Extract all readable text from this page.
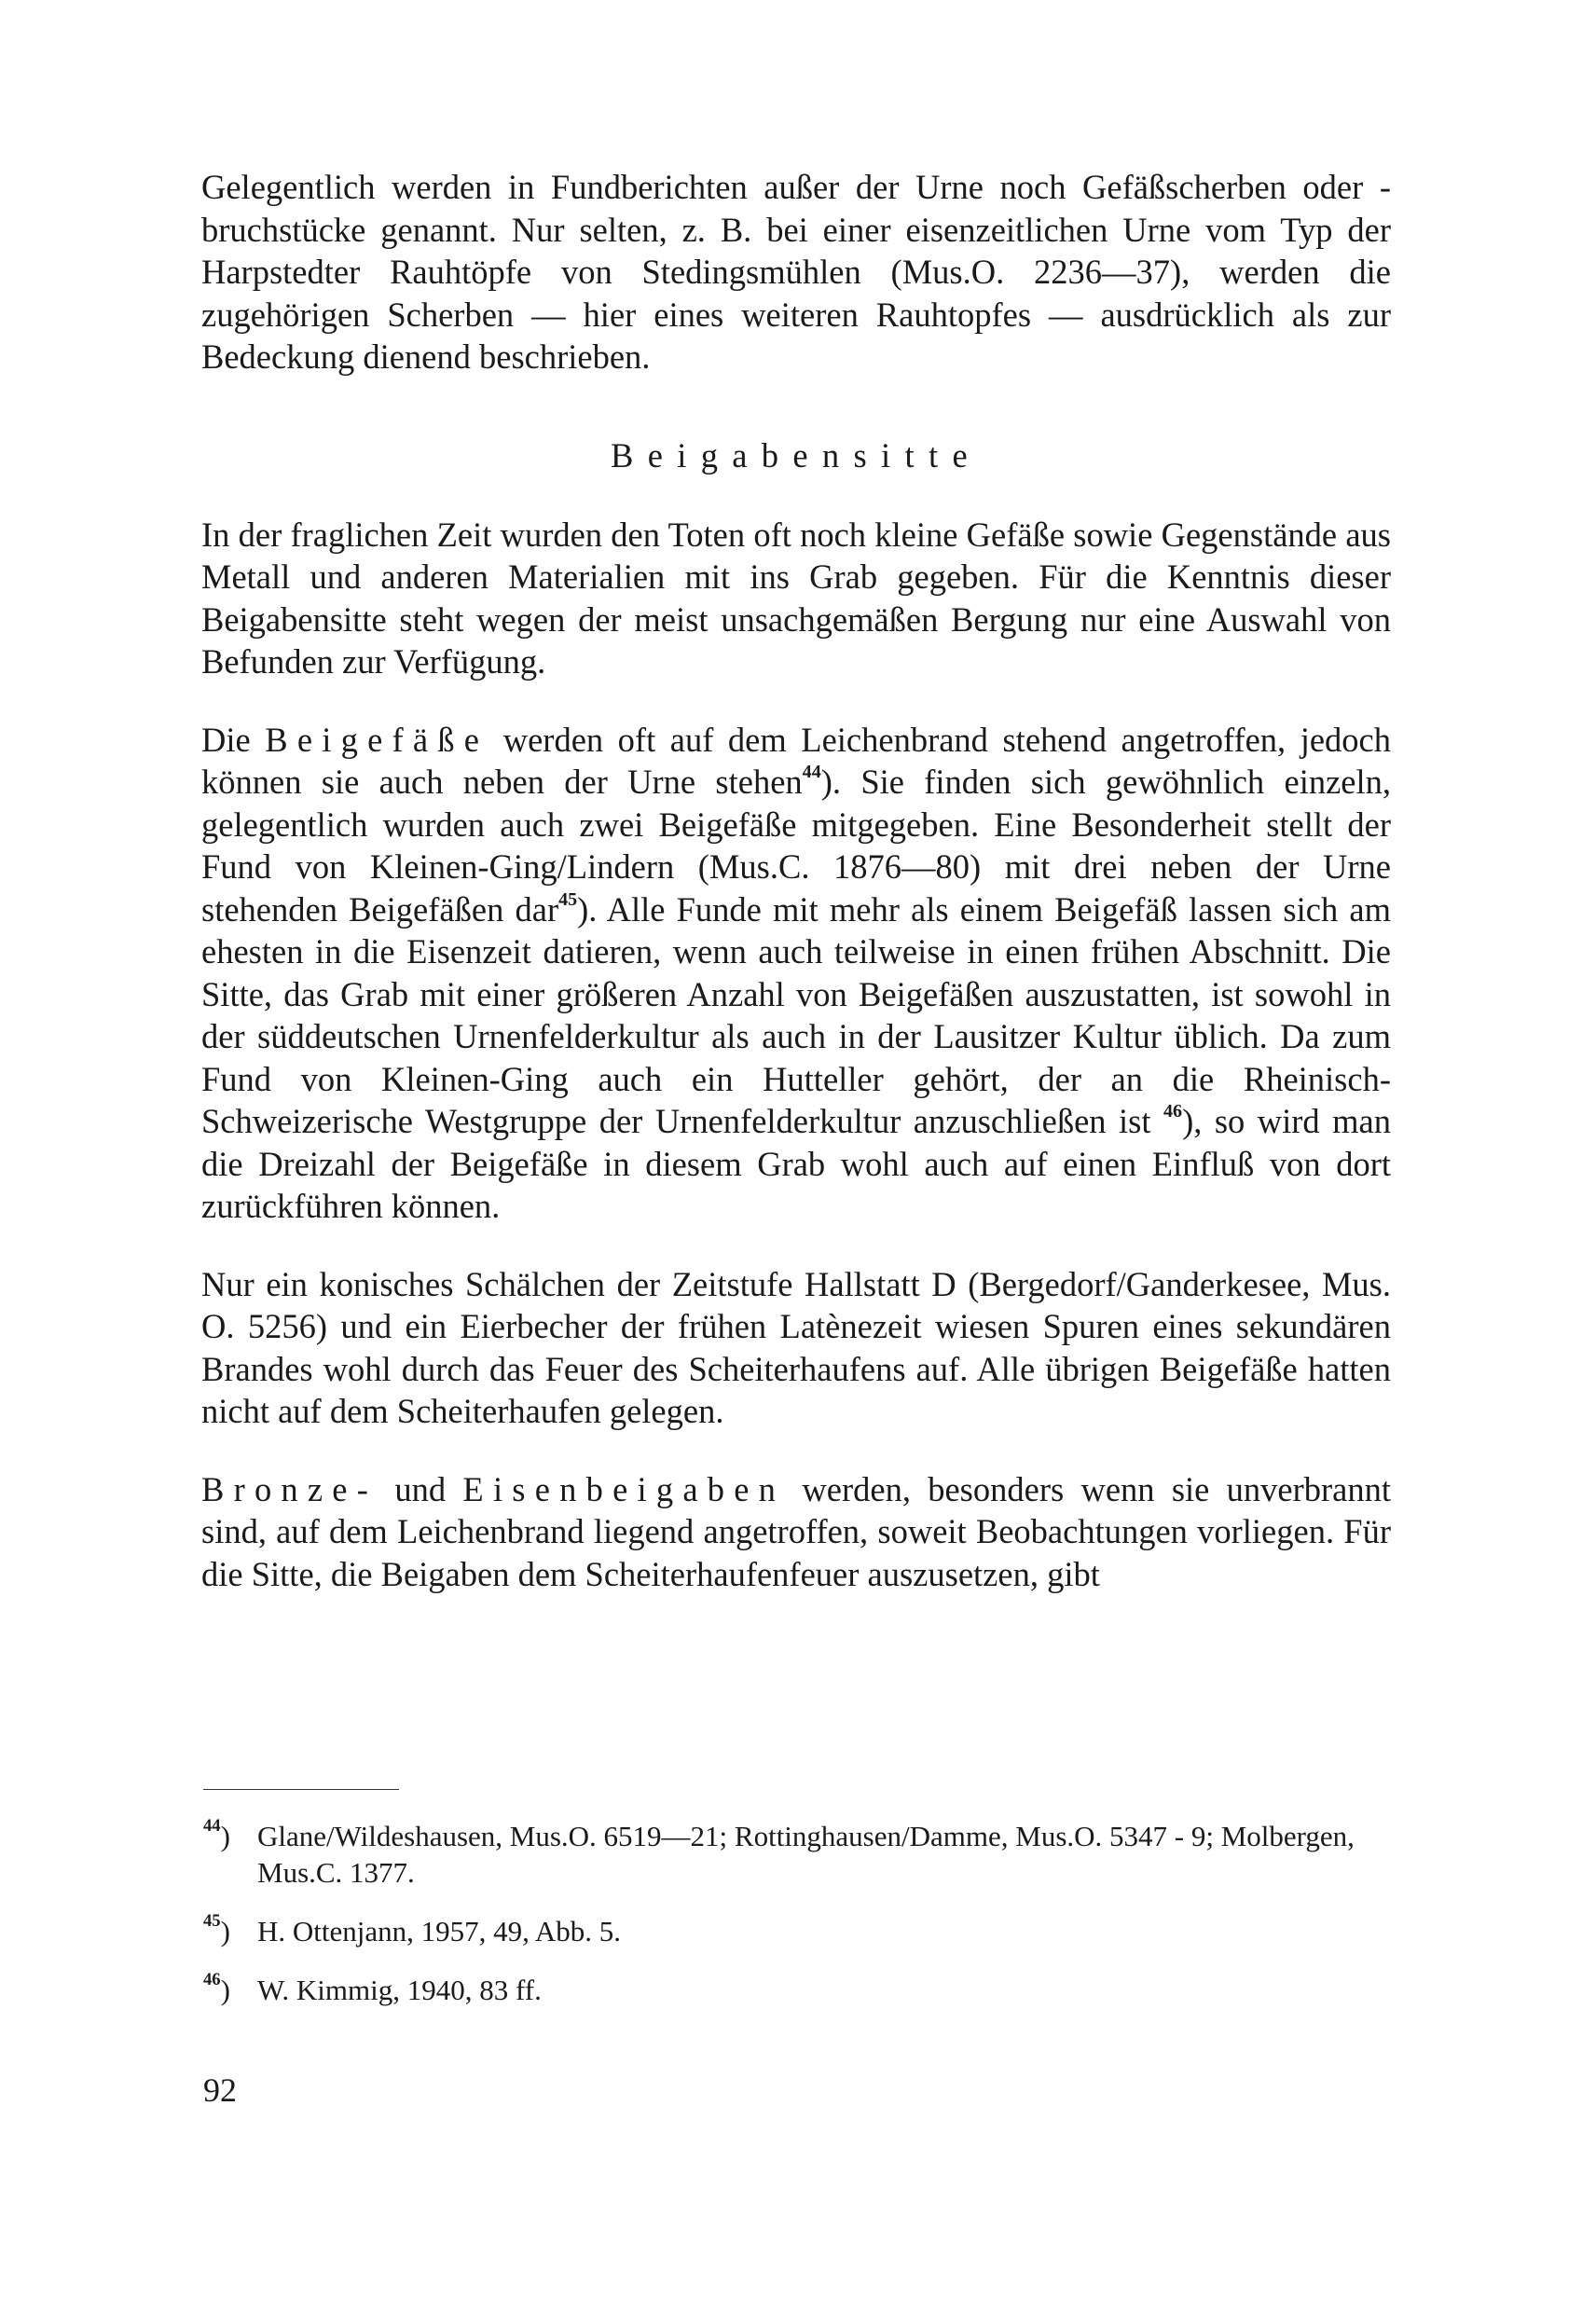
Gelegentlich werden in Fundberichten außer der Urne noch Gefäßscherben oder -bruchstücke genannt. Nur selten, z. B. bei einer eisenzeitlichen Urne vom Typ der Harpstedter Rauhtöpfe von Stedingsmühlen (Mus.O. 2236—37), werden die zugehörigen Scherben — hier eines weiteren Rauhtopfes — ausdrücklich als zur Bedeckung dienend beschrieben.

Beigabensitte

In der fraglichen Zeit wurden den Toten oft noch kleine Gefäße sowie Gegenstände aus Metall und anderen Materialien mit ins Grab gegeben. Für die Kenntnis dieser Beigabensitte steht wegen der meist unsachgemäßen Bergung nur eine Auswahl von Befunden zur Verfügung.

Die Beigefäße werden oft auf dem Leichenbrand stehend angetroffen, jedoch können sie auch neben der Urne stehen$^{44}$). Sie finden sich gewöhnlich einzeln, gelegentlich wurden auch zwei Beigefäße mitgegeben. Eine Besonderheit stellt der Fund von Kleinen-Ging/Lindern (Mus.C. 1876—80) mit drei neben der Urne stehenden Beigefäßen dar$^{45}$). Alle Funde mit mehr als einem Beigefäß lassen sich am ehesten in die Eisenzeit datieren, wenn auch teilweise in einen frühen Abschnitt. Die Sitte, das Grab mit einer größeren Anzahl von Beigefäßen auszustatten, ist sowohl in der süddeutschen Urnenfelderkultur als auch in der Lausitzer Kultur üblich. Da zum Fund von Kleinen-Ging auch ein Hutteller gehört, der an die Rheinisch-Schweizerische Westgruppe der Urnenfelderkultur anzuschließen ist $^{46}$), so wird man die Dreizahl der Beigefäße in diesem Grab wohl auch auf einen Einfluß von dort zurückführen können.

Nur ein konisches Schälchen der Zeitstufe Hallstatt D (Bergedorf/Ganderkesee, Mus. O. 5256) und ein Eierbecher der frühen Latènezeit wiesen Spuren eines sekundären Brandes wohl durch das Feuer des Scheiterhaufens auf. Alle übrigen Beigefäße hatten nicht auf dem Scheiterhaufen gelegen.

Bronze- und Eisenbeigaben werden, besonders wenn sie unverbrannt sind, auf dem Leichenbrand liegend angetroffen, soweit Beobachtungen vorliegen. Für die Sitte, die Beigaben dem Scheiterhaufenfeuer auszusetzen, gibt

$^{44}$) Glane/Wildeshausen, Mus.O. 6519—21; Rottinghausen/Damme, Mus.O. 5347 - 9; Molbergen, Mus.C. 1377.
$^{45}$) H. Ottenjann, 1957, 49, Abb. 5.
$^{46}$) W. Kimmig, 1940, 83 ff.
92
